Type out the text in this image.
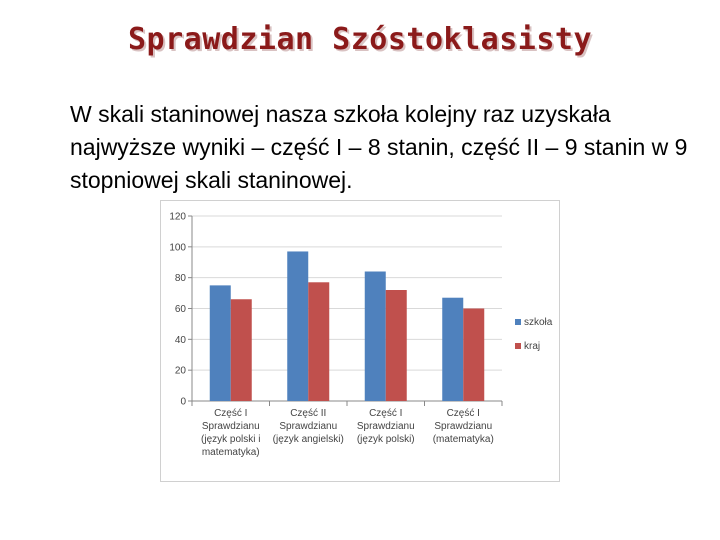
Sprawdzian Szóstoklasisty
W skali staninowej nasza szkoła kolejny raz uzyskała najwyższe wyniki – część I – 8 stanin, część II – 9 stanin w 9 stopniowej skali staninowej.
0
20
40
60
80
100
120
Część I
Sprawdzianu
(język polski i
matematyka)
Część II
Sprawdzianu
(język angielski)
Część I
Sprawdzianu
(język polski)
Część I
Sprawdzianu
(matematyka)
szkoła
kraj
